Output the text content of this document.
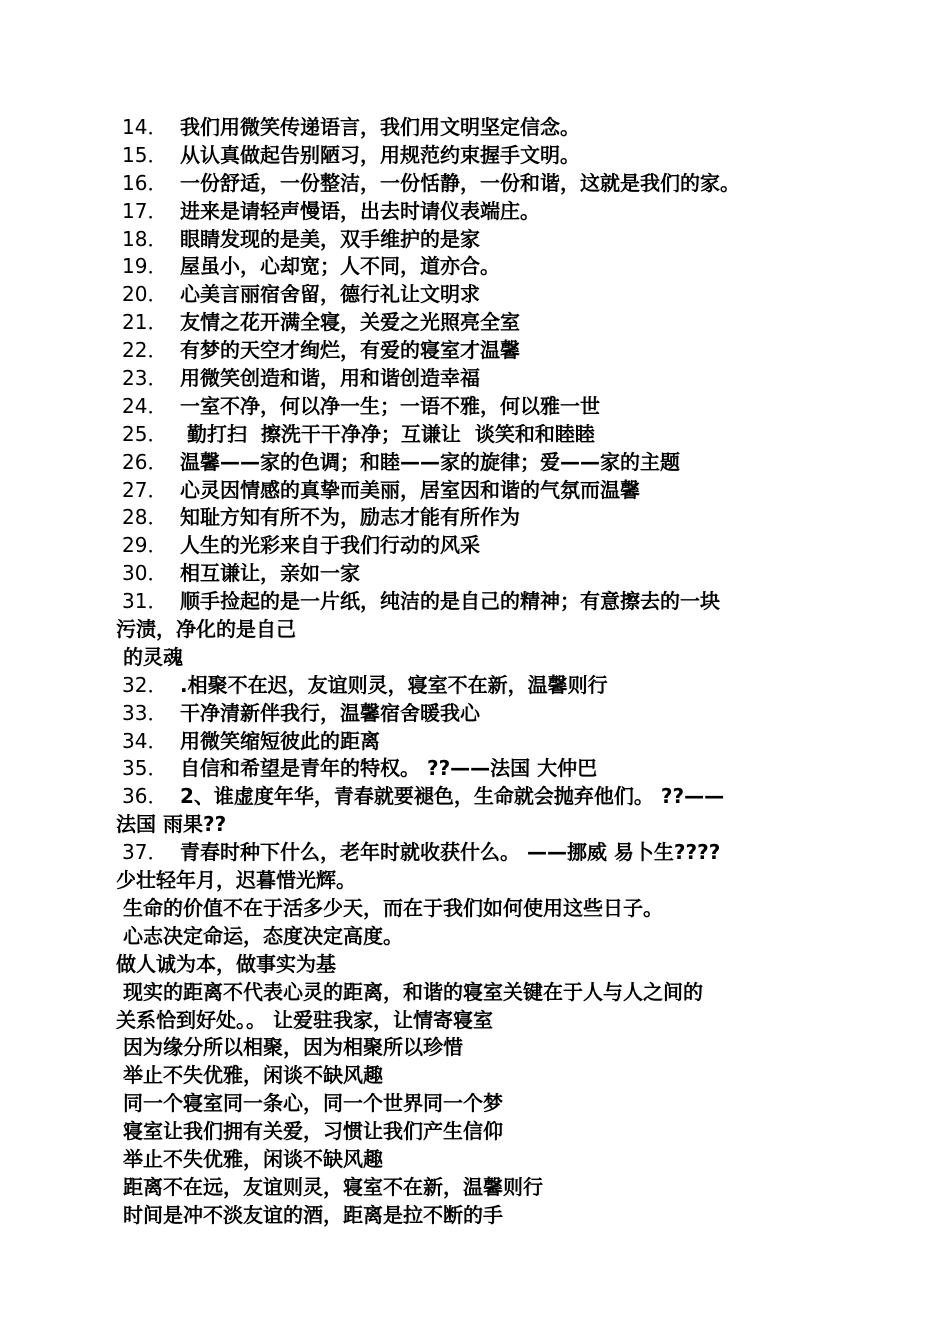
14． 我们用微笑传递语言，我们用文明坚定信念。
15． 从认真做起告别陋习，用规范约束握手文明。
16． 一份舒适，一份整洁，一份恬静，一份和谐，这就是我们的家。
17． 进来是请轻声慢语，出去时请仪表端庄。
18． 眼睛发现的是美，双手维护的是家
19． 屋虽小，心却宽；人不同，道亦合。
20． 心美言丽宿舍留，德行礼让文明求
21． 友情之花开满全寝，关爱之光照亮全室
22． 有梦的天空才绚烂，有爱的寝室才温馨
23． 用微笑创造和谐，用和谐创造幸福
24． 一室不净，何以净一生；一语不雅，何以雅一世
25． 勤打扫  擦洗干干净净；互谦让  谈笑和和睦睦
26． 温馨——家的色调；和睦——家的旋律；爱——家的主题
27． 心灵因情感的真挚而美丽，居室因和谐的气氛而温馨
28． 知耻方知有所不为，励志才能有所作为
29． 人生的光彩来自于我们行动的风采
30． 相互谦让，亲如一家
31． 顺手捡起的是一片纸，纯洁的是自己的精神；有意擦去的一块
污渍，净化的是自己
的灵魂
32． .相聚不在迟，友谊则灵，寝室不在新，温馨则行
33． 干净清新伴我行，温馨宿舍暖我心
34． 用微笑缩短彼此的距离
35． 自信和希望是青年的特权。 ??——法国 大仲巴
36． 2、谁虚度年华，青春就要褪色，生命就会抛弃他们。 ??——
法国 雨果??
37． 青春时种下什么，老年时就收获什么。 ——挪威 易卜生????
少壮轻年月，迟暮惜光辉。
生命的价值不在于活多少天，而在于我们如何使用这些日子。
心志决定命运，态度决定高度。
做人诚为本，做事实为基
现实的距离不代表心灵的距离，和谐的寝室关键在于人与人之间的
关系恰到好处。。 让爱驻我家，让情寄寝室
因为缘分所以相聚，因为相聚所以珍惜
举止不失优雅，闲谈不缺风趣
同一个寝室同一条心，同一个世界同一个梦
寝室让我们拥有关爱，习惯让我们产生信仰
举止不失优雅，闲谈不缺风趣
距离不在远，友谊则灵，寝室不在新，温馨则行
时间是冲不淡友谊的酒，距离是拉不断的手
